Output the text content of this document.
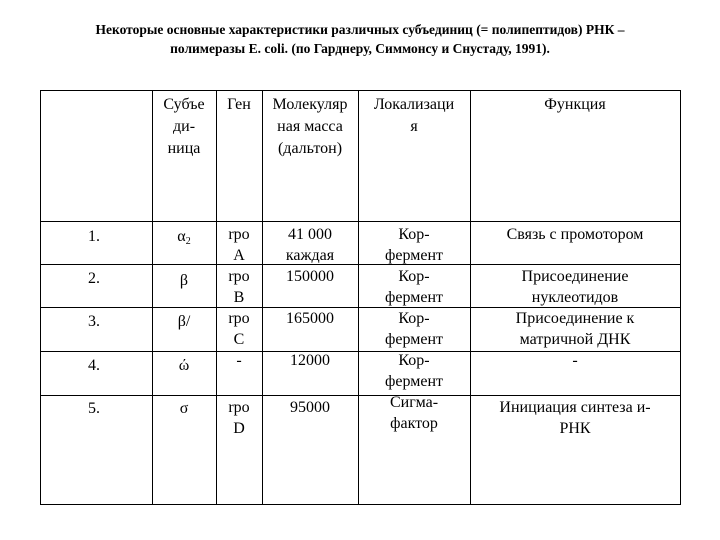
Некоторые основные характеристики различных субъединиц (= полипептидов) РНК –
полимеразы E. coli. (по Гарднеру, Симмонсу и Снустаду, 1991).
Субъе
ди-
ница
Ген	Молекуляр
ная масса
(дальтон)
Локализаци
я
Функция
1.
2.
3.
4.
5.
$\alpha_2$
β
β/
ώ
σ
rpo
A
rpo
B
rpo
C
-
rpo
D
41 000
каждая
150000
165000
12000
95000
Кор-
фермент
Кор-
фермент
Кор-
фермент
Кор-
фермент
Сигма-
фактор
Связь с промотором
Присоединение
нуклеотидов
Присоединение к
матричной ДНК
-
Инициация синтеза и-
РНК
